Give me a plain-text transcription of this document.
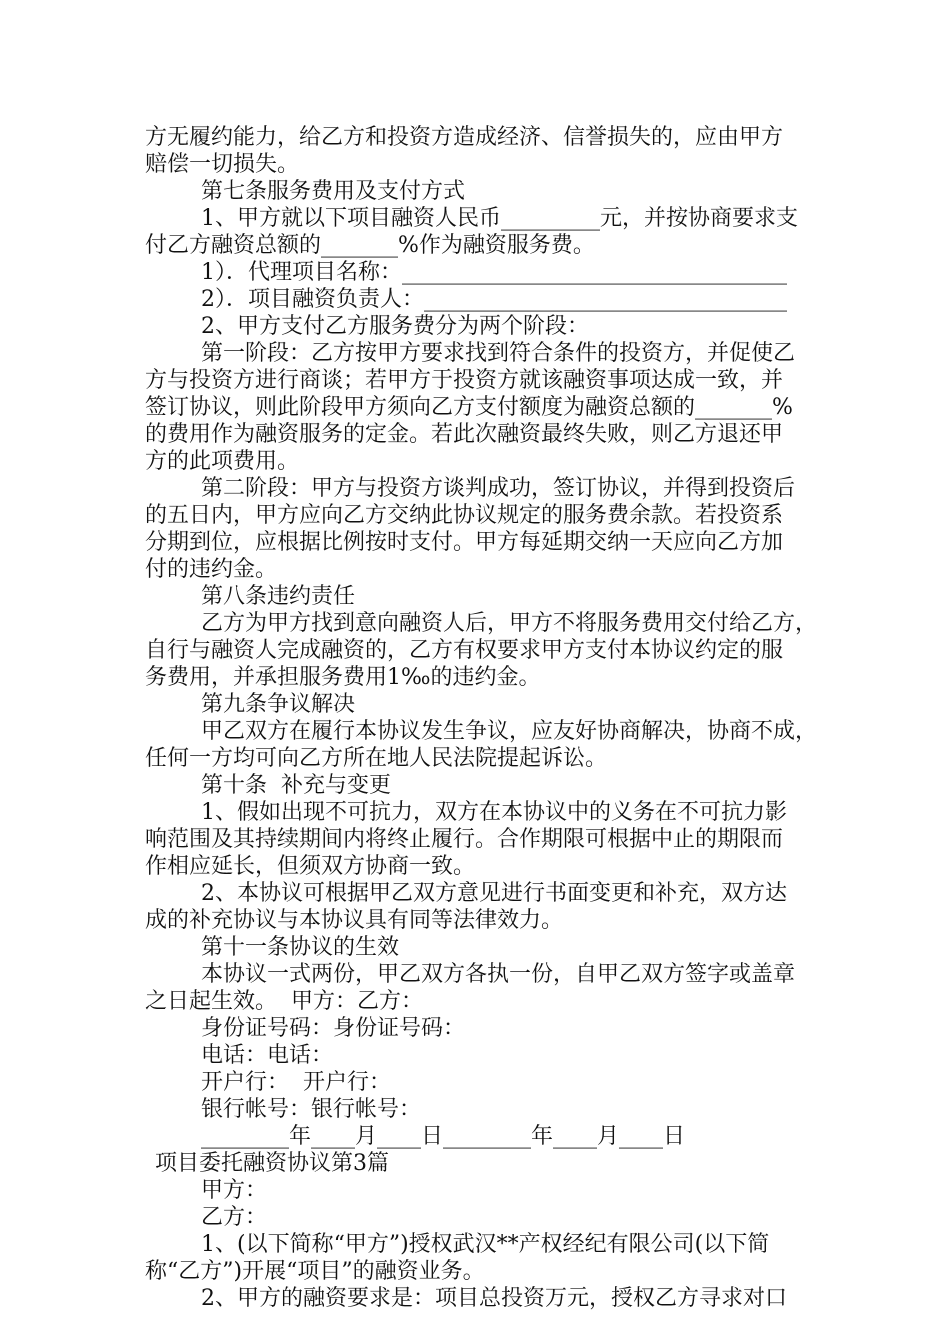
方无履约能力，给乙方和投资方造成经济、信誉损失的，应由甲方

赔偿一切损失。

第七条服务费用及支付方式

1、甲方就以下项目融资人民币_________元，并按协商要求支

付乙方融资总额的_______%作为融资服务费。

1）．代理项目名称：___________________________________

2）．项目融资负责人：_________________________________

2、甲方支付乙方服务费分为两个阶段：

第一阶段：乙方按甲方要求找到符合条件的投资方，并促使乙

方与投资方进行商谈；若甲方于投资方就该融资事项达成一致，并

签订协议，则此阶段甲方须向乙方支付额度为融资总额的_______%

的费用作为融资服务的定金。若此次融资最终失败，则乙方退还甲

方的此项费用。

第二阶段：甲方与投资方谈判成功，签订协议，并得到投资后

的五日内，甲方应向乙方交纳此协议规定的服务费余款。若投资系

分期到位，应根据比例按时支付。甲方每延期交纳一天应向乙方加

付的违约金。

第八条违约责任

乙方为甲方找到意向融资人后，甲方不将服务费用交付给乙方，

自行与融资人完成融资的，乙方有权要求甲方支付本协议约定的服

务费用，并承担服务费用1‰的违约金。

第九条争议解决

甲乙双方在履行本协议发生争议，应友好协商解决，协商不成，

任何一方均可向乙方所在地人民法院提起诉讼。

第十条  补充与变更

1、假如出现不可抗力，双方在本协议中的义务在不可抗力影

响范围及其持续期间内将终止履行。合作期限可根据中止的期限而

作相应延长，但须双方协商一致。

2、本协议可根据甲乙双方意见进行书面变更和补充，双方达

成的补充协议与本协议具有同等法律效力。

第十一条协议的生效

本协议一式两份，甲乙双方各执一份，自甲乙双方签字或盖章

之日起生效。  甲方：乙方：

身份证号码：身份证号码：

电话：电话：

开户行：  开户行：

银行帐号：银行帐号：

________年____月____日________年____月____日

项目委托融资协议第3篇

甲方：

乙方：

1、(以下简称“甲方”)授权武汉**产权经纪有限公司(以下简

称“乙方”)开展“项目”的融资业务。

2、甲方的融资要求是：项目总投资万元，授权乙方寻求对口
